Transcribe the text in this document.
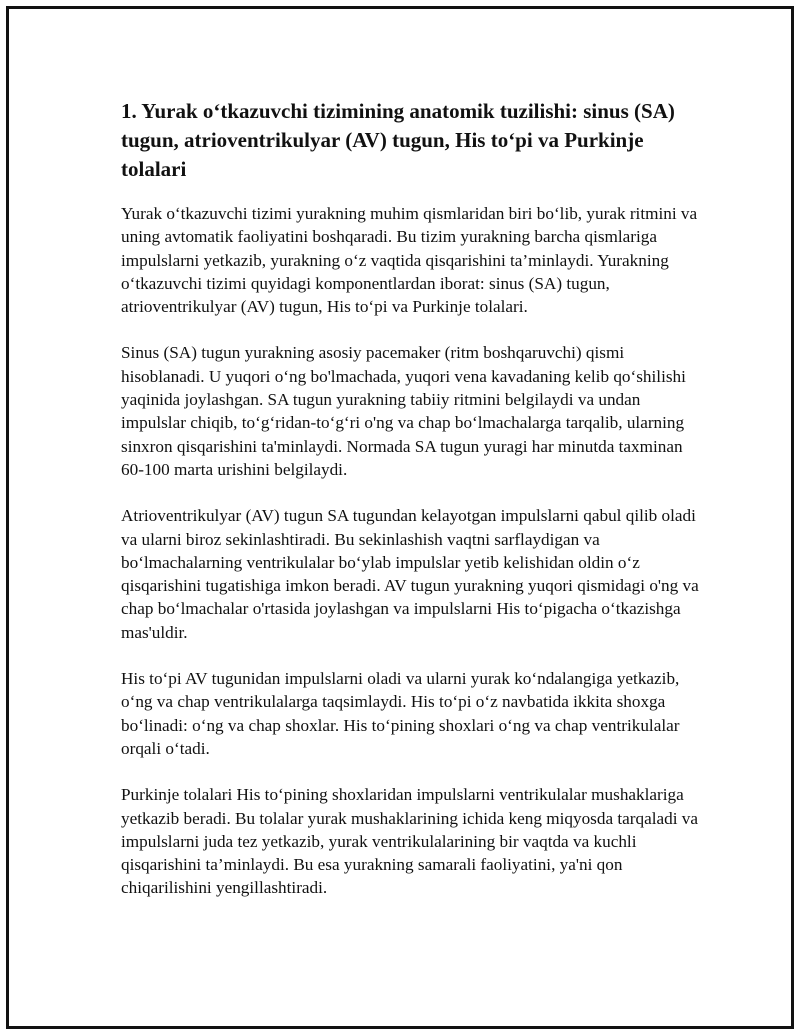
1. Yurak o‘tkazuvchi tizimining anatomik tuzilishi: sinus (SA) tugun, atrioventrikulyar (AV) tugun, His to‘pi va Purkinje tolalari

Yurak o‘tkazuvchi tizimi yurakning muhim qismlaridan biri bo‘lib, yurak ritmini va uning avtomatik faoliyatini boshqaradi. Bu tizim yurakning barcha qismlariga impulslarni yetkazib, yurakning o‘z vaqtida qisqarishini ta’minlaydi. Yurakning o‘tkazuvchi tizimi quyidagi komponentlardan iborat: sinus (SA) tugun, atrioventrikulyar (AV) tugun, His to‘pi va Purkinje tolalari.

Sinus (SA) tugun yurakning asosiy pacemaker (ritm boshqaruvchi) qismi hisoblanadi. U yuqori o‘ng bo'lmachada, yuqori vena kavadaning kelib qo‘shilishi yaqinida joylashgan. SA tugun yurakning tabiiy ritmini belgilaydi va undan impulslar chiqib, to‘g‘ridan-to‘g‘ri o'ng va chap bo‘lmachalarga tarqalib, ularning sinxron qisqarishini ta'minlaydi. Normada SA tugun yuragi har minutda taxminan 60-100 marta urishini belgilaydi.

Atrioventrikulyar (AV) tugun SA tugundan kelayotgan impulslarni qabul qilib oladi va ularni biroz sekinlashtiradi. Bu sekinlashish vaqtni sarflaydigan va bo‘lmachalarning ventrikulalar bo‘ylab impulslar yetib kelishidan oldin o‘z qisqarishini tugatishiga imkon beradi. AV tugun yurakning yuqori qismidagi o'ng va chap bo‘lmachalar o'rtasida joylashgan va impulslarni His to‘pigacha o‘tkazishga mas'uldir.

His to‘pi AV tugunidan impulslarni oladi va ularni yurak ko‘ndalangiga yetkazib, o‘ng va chap ventrikulalarga taqsimlaydi. His to‘pi o‘z navbatida ikkita shoxga bo‘linadi: o‘ng va chap shoxlar. His to‘pining shoxlari o‘ng va chap ventrikulalar orqali o‘tadi.

Purkinje tolalari His to‘pining shoxlaridan impulslarni ventrikulalar mushaklariga yetkazib beradi. Bu tolalar yurak mushaklarining ichida keng miqyosda tarqaladi va impulslarni juda tez yetkazib, yurak ventrikulalarining bir vaqtda va kuchli qisqarishini ta’minlaydi. Bu esa yurakning samarali faoliyatini, ya'ni qon chiqarilishini yengillashtiradi.
